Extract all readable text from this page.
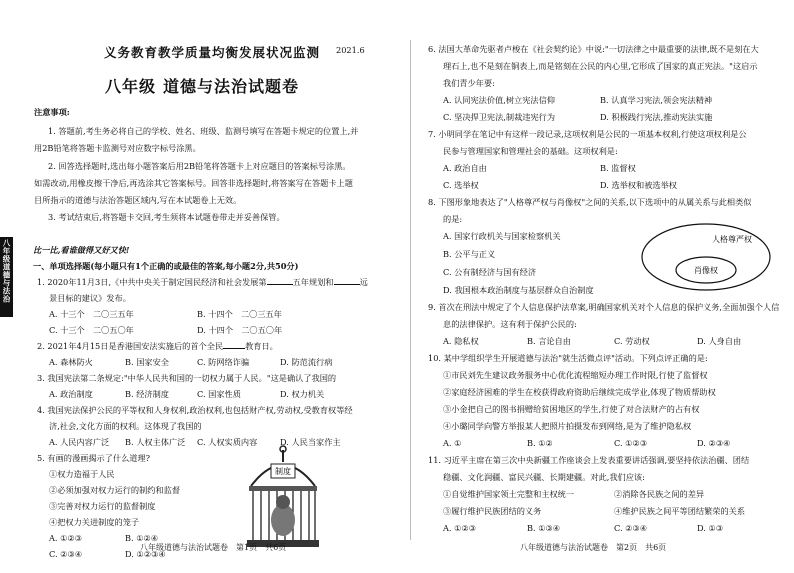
八年级道德与法治
义务教育教学质量均衡发展状况监测 2021.6
八年级 道德与法治试题卷
注意事项:
1. 答题前,考生务必将自己的学校、姓名、班级、监测号填写在答题卡规定的位置上,并
用2B铅笔将答题卡监测号对应数字标号涂黑。
2. 回答选择题时,选出每小题答案后用2B铅笔将答题卡上对应题目的答案标号涂黑。
如需改动,用橡皮擦干净后,再选涂其它答案标号。回答非选择题时,将答案写在答题卡上题
目所指示的道德与法治答题区域内,写在本试题卷上无效。
3. 考试结束后,将答题卡交回,考生须将本试题卷带走并妥善保管。
比一比,看谁做得又好又快!
一、单项选择题(每小题只有1个正确的或最佳的答案,每小题2分,共50分)
1. 2020年11月3日,《中共中央关于制定国民经济和社会发展第	五年规划和	远
景目标的建议》发布。
A. 十三个　二〇三五年	B. 十四个　二〇三五年
C. 十三个　二〇五〇年	D. 十四个　二〇五〇年
2. 2021年4月15日是香港国安法实施后的首个全民	教育日。
A. 森林防火	B. 国家安全	C. 防网络诈骗	D. 防范流行病
3. 我国宪法第二条规定:"中华人民共和国的一切权力属于人民。"这是确认了我国的
A. 政治制度	B. 经济制度	C. 国家性质	D. 权力机关
4. 我国宪法保护公民的平等权和人身权利,政治权利,也包括财产权,劳动权,受教育权等经
济,社会,文化方面的权利。这体现了我国的
A. 人民内容广泛 B. 人权主体广泛 C. 人权实质内容	D. 人民当家作主
5. 有画的漫画揭示了什么道理?
①权力造福于人民
②必须加强对权力运行的制约和监督
③完善对权力运行的监督制度
④把权力关进制度的笼子
A. ①②③	B. ①②④
C. ②③④	D. ①②③④
制度
八年级道德与法治试题卷　第1页　共6页
6. 法国大革命先驱者卢梭在《社会契约论》中说:"一切法律之中最重要的法律,既不是刻在大
理石上,也不是刻在铜表上,而是铭刻在公民的内心里,它形成了国家的真正宪法。"这启示
我们青少年要:
A. 认同宪法价值,树立宪法信仰	B. 认真学习宪法,领会宪法精神
C. 坚决捍卫宪法,制裁违宪行为	D. 积极践行宪法,推动宪法实施
7. 小明同学在笔记中有这样一段记录,这项权利是公民的一项基本权利,行使这项权利是公
民参与管理国家和管理社会的基础。这项权利是:
A. 政治自由	B. 监督权
C. 选举权	D. 选举权和被选举权
8. 下图形象地表达了"人格尊严权与肖像权"之间的关系,以下选项中的从属关系与此相类似
的是:
A. 国家行政机关与国家检察机关
B. 公平与正义
C. 公有制经济与国有经济
D. 我国根本政治制度与基层群众自治制度
人格尊严权
肖像权
9. 首次在刑法中规定了个人信息保护法草案,明确国家机关对个人信息的保护义务,全面加强个人信
息的法律保护。这有利于保护公民的:
A. 隐私权	B. 言论自由	C. 劳动权	D. 人身自由
10. 某中学组织学生开展道德与法治"就生活微点评"活动。下列点评正确的是:
①市民刘先生建议政务服务中心优化流程缩短办理工作时限,行使了监督权
②家庭经济困难的学生在校获得政府资助后继续完成学业,体现了物质帮助权
③小金把自己的图书捐赠给贫困地区的学生,行使了对合法财产的占有权
④小璐同学向警方举报某人把照片拍摄发布到网络,是为了维护隐私权
A. ①	B. ①②	C. ①②③	D. ②③④
11. 习近平主席在第三次中央新疆工作座谈会上发表重要讲话强调,要坚持依法治疆、团结
稳疆、文化润疆、富民兴疆、长期建疆。对此,我们应该:
①自觉维护国家领土完整和主权统一	②消除各民族之间的差异
③履行维护民族团结的义务	④维护民族之间平等团结繁荣的关系
A. ①②③	B. ①③④	C. ②③④	D. ①③
八年级道德与法治试题卷　第2页　共6页
